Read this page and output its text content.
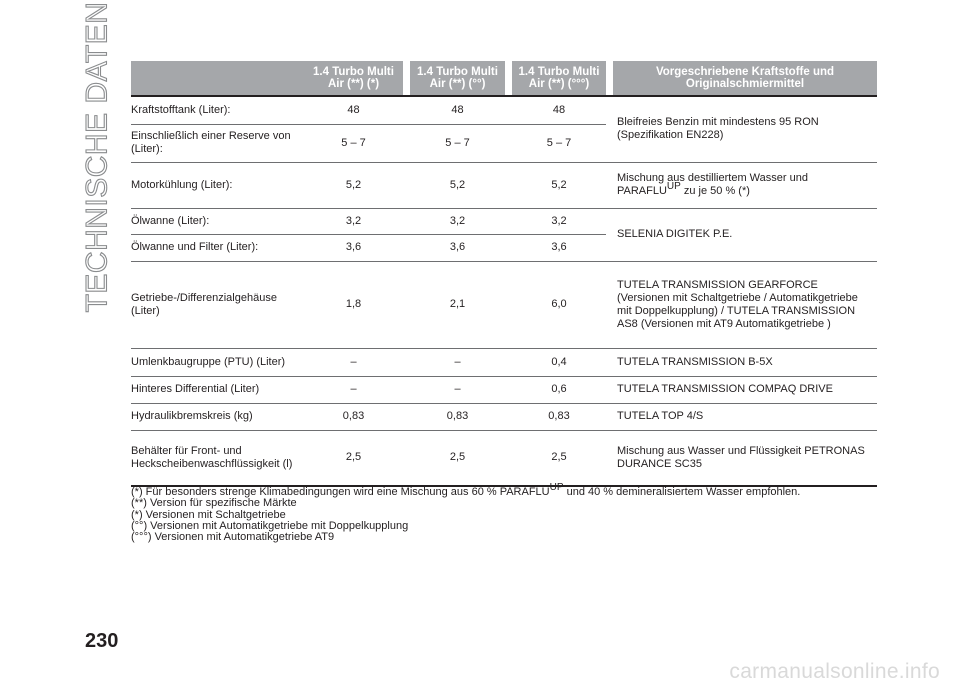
TECHNISCHE DATEN
		1.4 Turbo Multi Air (**) (*)		1.4 Turbo Multi Air (**) (°°)		1.4 Turbo Multi Air (**) (°°°)		Vorgeschriebene Kraftstoffe und Originalschmiermittel
Kraftstofftank (Liter):	48		48		48		Bleifreies Benzin mit mindestens 95 RON (Spezifikation EN228)
Einschließlich einer Reserve von (Liter):	5 – 7		5 – 7		5 – 7		
Motorkühlung (Liter):	5,2		5,2		5,2		Mischung aus destilliertem Wasser und $PARAFLU^{UP}$ zu je 50 % (*)
Ölwanne (Liter):	3,2		3,2		3,2		SELENIA DIGITEK P.E.
Ölwanne und Filter (Liter):	3,6		3,6		3,6		
Getriebe-/Differenzialgehäuse (Liter)	1,8		2,1		6,0		TUTELA TRANSMISSION GEARFORCE (Versionen mit Schaltgetriebe / Automatikgetriebe mit Doppelkupplung) / TUTELA TRANSMISSION AS8 (Versionen mit AT9 Automatikgetriebe )
Umlenkbaugruppe (PTU) (Liter)	–		–		0,4		TUTELA TRANSMISSION B-5X
Hinteres Differential (Liter)	–		–		0,6		TUTELA TRANSMISSION COMPAQ DRIVE
Hydraulikbremskreis (kg)	0,83		0,83		0,83		TUTELA TOP 4/S
Behälter für Front- und Heckscheibenwaschflüssigkeit (l)	2,5		2,5		2,5		Mischung aus Wasser und Flüssigkeit PETRONAS DURANCE SC35
(*) Für besonders strenge Klimabedingungen wird eine Mischung aus 60 % $PARAFLU^{UP}$ und 40 % demineralisiertem Wasser empfohlen.
(**) Version für spezifische Märkte
(*) Versionen mit Schaltgetriebe
(°°) Versionen mit Automatikgetriebe mit Doppelkupplung
(°°°) Versionen mit Automatikgetriebe AT9
230
carmanualsonline.info
